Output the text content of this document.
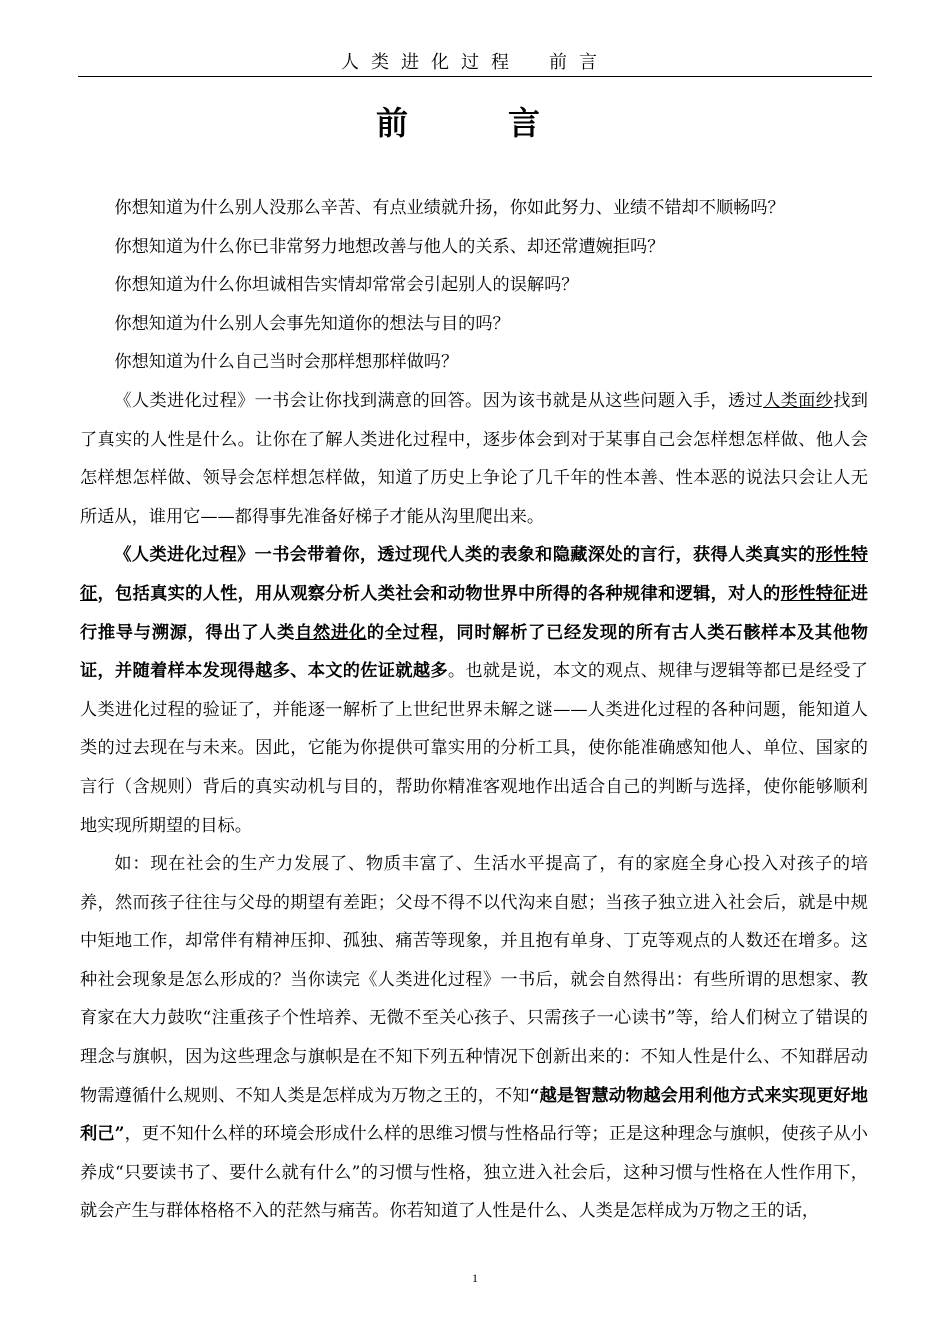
人类进化过程 前言
前　言

你想知道为什么别人没那么辛苦、有点业绩就升扬，你如此努力、业绩不错却不顺畅吗？

你想知道为什么你已非常努力地想改善与他人的关系、却还常遭婉拒吗？

你想知道为什么你坦诚相告实情却常常会引起别人的误解吗？

你想知道为什么别人会事先知道你的想法与目的吗？

你想知道为什么自己当时会那样想那样做吗？

《人类进化过程》一书会让你找到满意的回答。因为该书就是从这些问题入手，透过人类面纱找到了真实的人性是什么。让你在了解人类进化过程中，逐步体会到对于某事自己会怎样想怎样做、他人会怎样想怎样做、领导会怎样想怎样做，知道了历史上争论了几千年的性本善、性本恶的说法只会让人无所适从，谁用它——都得事先准备好梯子才能从沟里爬出来。

《人类进化过程》一书会带着你，透过现代人类的表象和隐藏深处的言行，获得人类真实的形性特征，包括真实的人性，用从观察分析人类社会和动物世界中所得的各种规律和逻辑，对人的形性特征进行推导与溯源，得出了人类自然进化的全过程，同时解析了已经发现的所有古人类石骸样本及其他物证，并随着样本发现得越多、本文的佐证就越多。也就是说，本文的观点、规律与逻辑等都已是经受了人类进化过程的验证了，并能逐一解析了上世纪世界未解之谜——人类进化过程的各种问题，能知道人类的过去现在与未来。因此，它能为你提供可靠实用的分析工具，使你能准确感知他人、单位、国家的言行（含规则）背后的真实动机与目的，帮助你精准客观地作出适合自己的判断与选择，使你能够顺利地实现所期望的目标。

如：现在社会的生产力发展了、物质丰富了、生活水平提高了，有的家庭全身心投入对孩子的培养，然而孩子往往与父母的期望有差距；父母不得不以代沟来自慰；当孩子独立进入社会后，就是中规中矩地工作，却常伴有精神压抑、孤独、痛苦等现象，并且抱有单身、丁克等观点的人数还在增多。这种社会现象是怎么形成的？当你读完《人类进化过程》一书后，就会自然得出：有些所谓的思想家、教育家在大力鼓吹“注重孩子个性培养、无微不至关心孩子、只需孩子一心读书”等，给人们树立了错误的理念与旗帜，因为这些理念与旗帜是在不知下列五种情况下创新出来的：不知人性是什么、不知群居动物需遵循什么规则、不知人类是怎样成为万物之王的，不知“越是智慧动物越会用利他方式来实现更好地利己”，更不知什么样的环境会形成什么样的思维习惯与性格品行等；正是这种理念与旗帜，使孩子从小养成“只要读书了、要什么就有什么”的习惯与性格，独立进入社会后，这种习惯与性格在人性作用下，就会产生与群体格格不入的茫然与痛苦。你若知道了人性是什么、人类是怎样成为万物之王的话，

1
